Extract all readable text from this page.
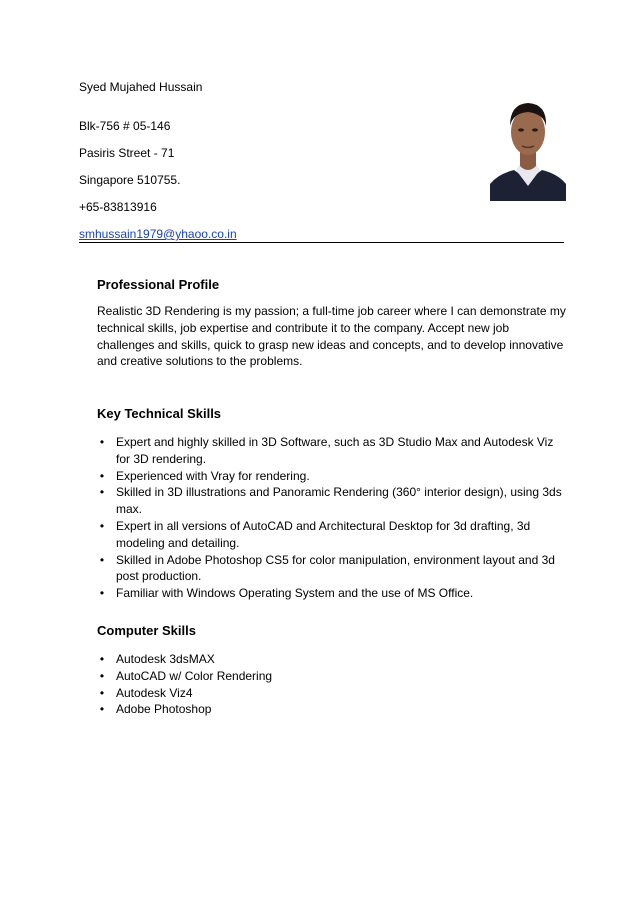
Syed Mujahed Hussain
Blk-756 # 05-146
Pasiris Street - 71
Singapore 510755.
+65-83813916
smhussain1979@yhaoo.co.in
Professional Profile

Realistic 3D Rendering is my passion; a full-time job career where I can demonstrate my
technical skills, job expertise and contribute it to the company. Accept new job
challenges and skills, quick to grasp new ideas and concepts, and to develop innovative
and creative solutions to the problems.

Key Technical Skills
• Expert and highly skilled in 3D Software, such as 3D Studio Max and Autodesk Viz
for 3D rendering.
• Experienced with Vray for rendering.
• Skilled in 3D illustrations and Panoramic Rendering (360° interior design), using 3ds
max.
• Expert in all versions of AutoCAD and Architectural Desktop for 3d drafting, 3d
modeling and detailing.
• Skilled in Adobe Photoshop CS5 for color manipulation, environment layout and 3d
post production.
• Familiar with Windows Operating System and the use of MS Office.
Computer Skills
• Autodesk 3dsMAX
• AutoCAD w/ Color Rendering
• Autodesk Viz4
• Adobe Photoshop
